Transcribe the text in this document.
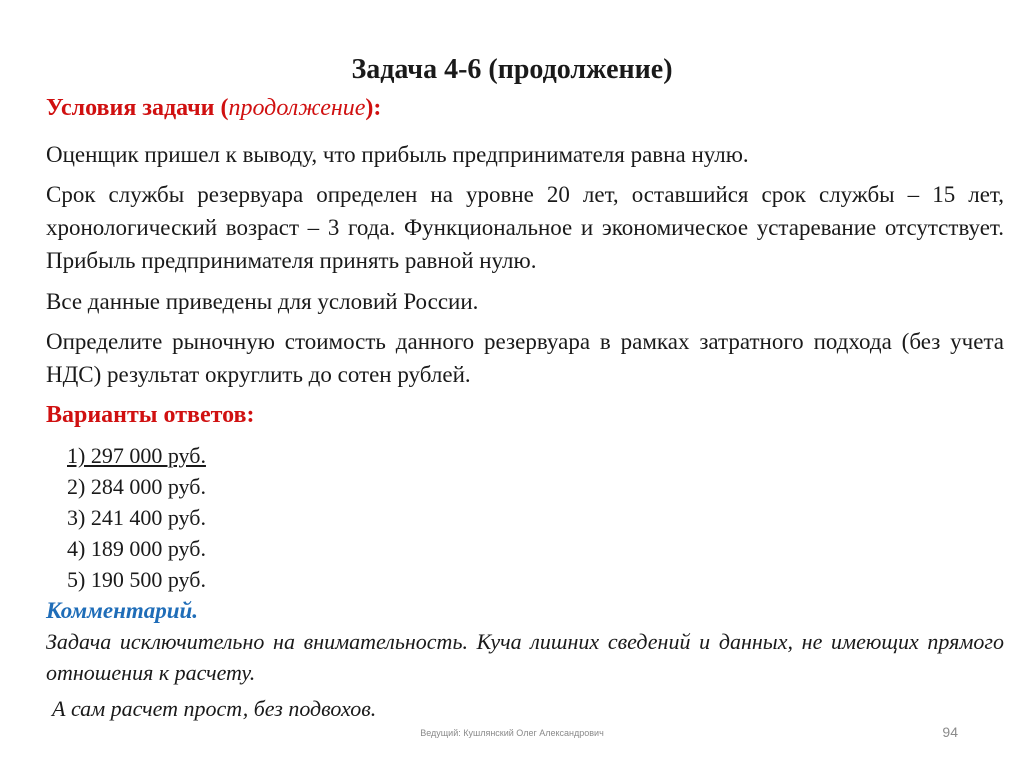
Задача 4-6 (продолжение)
Условия задачи (продолжение):
Оценщик пришел к выводу, что прибыль предпринимателя равна нулю.
Срок службы резервуара определен на уровне 20 лет, оставшийся срок службы – 15 лет, хронологический возраст – 3 года. Функциональное и экономическое устаревание отсутствует. Прибыль предпринимателя принять равной нулю.
Все данные приведены для условий России.
Определите рыночную стоимость данного резервуара в рамках затратного подхода (без учета НДС) результат округлить до сотен рублей.
Варианты ответов:
1) 297 000 руб.
2) 284 000 руб.
3) 241 400 руб.
4) 189 000 руб.
5) 190 500 руб.
Комментарий.
Задача исключительно на внимательность. Куча лишних сведений и данных, не имеющих прямого отношения к расчету.
А сам расчет прост, без подвохов.
Ведущий: Кушлянский Олег Александрович	94
